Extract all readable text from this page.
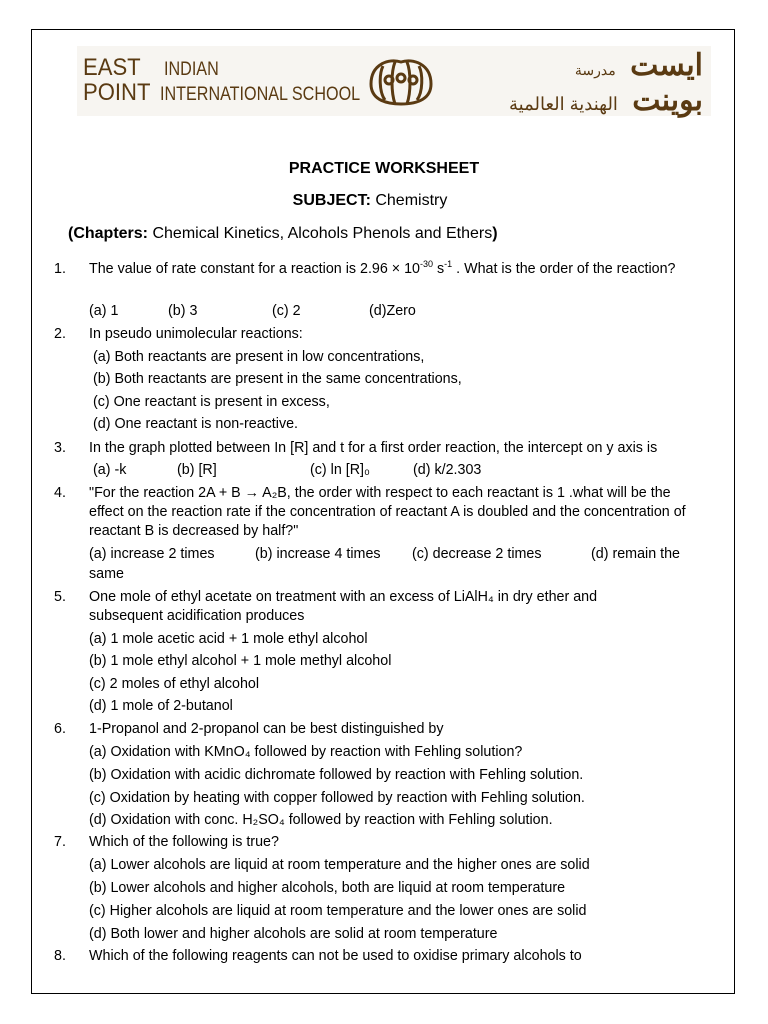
EAST INDIAN
POINT INTERNATIONAL SCHOOL
ايست مدرسة
بوينت الهندية العالمية
PRACTICE WORKSHEET
SUBJECT: Chemistry
(Chapters: Chemical Kinetics, Alcohols Phenols and Ethers)
1. The value of rate constant for a reaction is $2.96 \times 10^{-30}$ $s^{-1}$ . What is the order of the reaction?
(a) 1	(b) 3	(c) 2	(d)Zero
2. In pseudo unimolecular reactions:
(a) Both reactants are present in low concentrations,
(b) Both reactants are present in the same concentrations,
(c) One reactant is present in excess,
(d) One reactant is non-reactive.
3. In the graph plotted between In [R] and t for a first order reaction, the intercept on y axis is
(a) -k	(b) [R]	(c) ln [R]₀	(d) k/2.303
4. "For the reaction 2A + B → A₂B, the order with respect to each reactant is 1 .what will be the effect on the reaction rate if the concentration of reactant A is doubled and the concentration of reactant B is decreased by half?"
(a) increase 2 times	(b) increase 4 times (c) decrease 2 times	(d) remain the
same
5. One mole of ethyl acetate on treatment with an excess of LiAlH₄ in dry ether and subsequent acidification produces
(a) 1 mole acetic acid + 1 mole ethyl alcohol
(b) 1 mole ethyl alcohol + 1 mole methyl alcohol
(c) 2 moles of ethyl alcohol
(d) 1 mole of 2-butanol
6. 1-Propanol and 2-propanol can be best distinguished by
(a) Oxidation with KMnO₄ followed by reaction with Fehling solution?
(b) Oxidation with acidic dichromate followed by reaction with Fehling solution.
(c) Oxidation by heating with copper followed by reaction with Fehling solution.
(d) Oxidation with conc. H₂SO₄ followed by reaction with Fehling solution.
7. Which of the following is true?
(a) Lower alcohols are liquid at room temperature and the higher ones are solid
(b) Lower alcohols and higher alcohols, both are liquid at room temperature
(c) Higher alcohols are liquid at room temperature and the lower ones are solid
(d) Both lower and higher alcohols are solid at room temperature
8. Which of the following reagents can not be used to oxidise primary alcohols to
